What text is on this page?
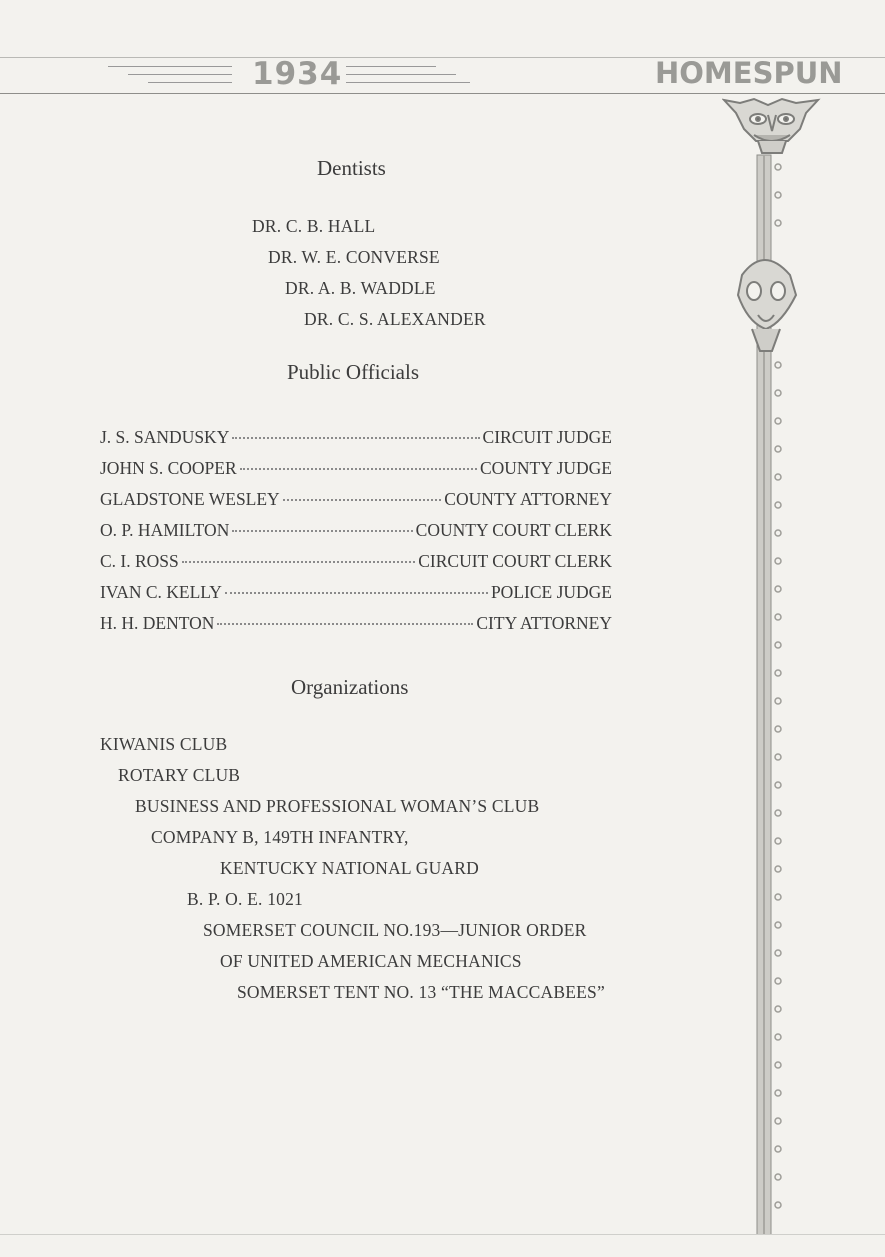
1934	HOMESPUN
Dentists
DR. C. B. HALL
DR. W. E. CONVERSE
DR. A. B. WADDLE
DR. C. S. ALEXANDER
Public Officials
J. S. SANDUSKY	CIRCUIT JUDGE
JOHN S. COOPER	COUNTY JUDGE
GLADSTONE WESLEY	COUNTY ATTORNEY
O. P. HAMILTON	COUNTY COURT CLERK
C. I. ROSS	CIRCUIT COURT CLERK
IVAN C. KELLY	POLICE JUDGE
H. H. DENTON	CITY ATTORNEY
Organizations
KIWANIS CLUB
ROTARY CLUB
BUSINESS AND PROFESSIONAL WOMAN’S CLUB
COMPANY B, 149TH INFANTRY,
KENTUCKY NATIONAL GUARD
B. P. O. E. 1021
SOMERSET COUNCIL NO.193—JUNIOR ORDER
OF UNITED AMERICAN MECHANICS
SOMERSET TENT NO. 13 “THE MACCABEES”
